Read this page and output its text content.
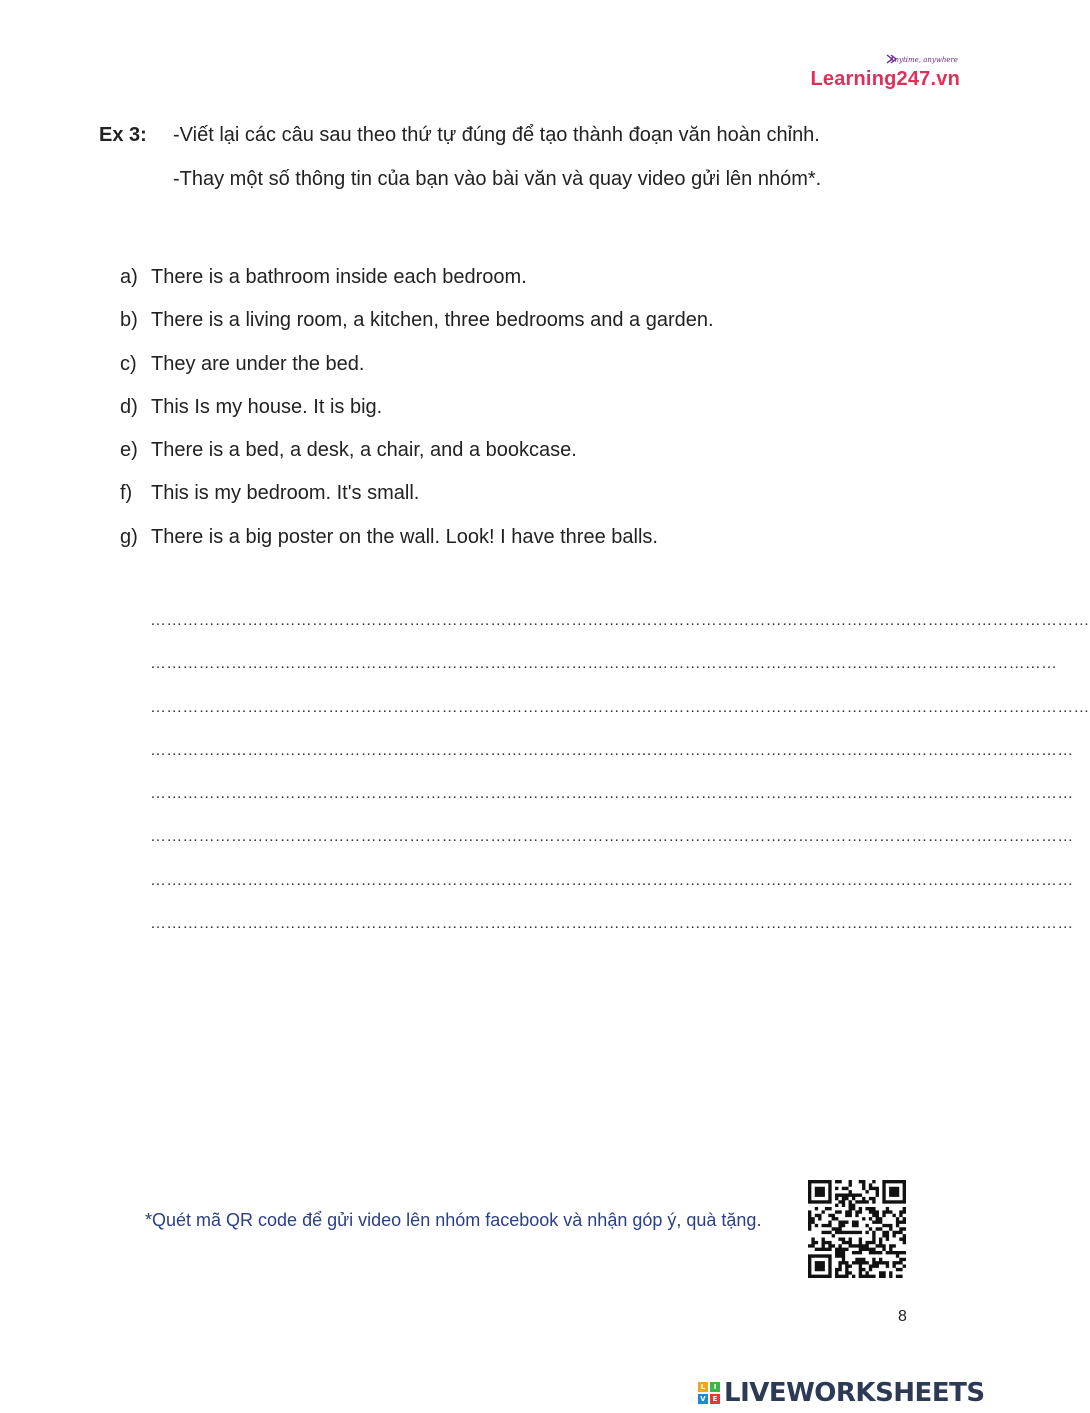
Anytime, anywhere
Learning247.vn
Ex 3: -Viết lại các câu sau theo thứ tự đúng để tạo thành đoạn văn hoàn chỉnh.
-Thay một số thông tin của bạn vào bài văn và quay video gửi lên nhóm*.
a) There is a bathroom inside each bedroom.
b) There is a living room, a kitchen, three bedrooms and a garden.
c) They are under the bed.
d) This Is my house. It is big.
e) There is a bed, a desk, a chair, and a bookcase.
f) This is my bedroom. It's small.
g) There is a big poster on the wall. Look! I have three balls.
…………………………………………………………………………………………………………………………………………………………
……………………………………………………………………………………………………………………………………………………
…………………………………………………………………………………………………………………………………………………………
………………………………………………………………………………………………………………………………………………………
………………………………………………………………………………………………………………………………………………………
………………………………………………………………………………………………………………………………………………………
………………………………………………………………………………………………………………………………………………………
………………………………………………………………………………………………………………………………………………………
*Quét mã QR code để gửi video lên nhóm facebook và nhận góp ý, quà tặng.
8
L	I
V E LIVEWORKSHEETS
